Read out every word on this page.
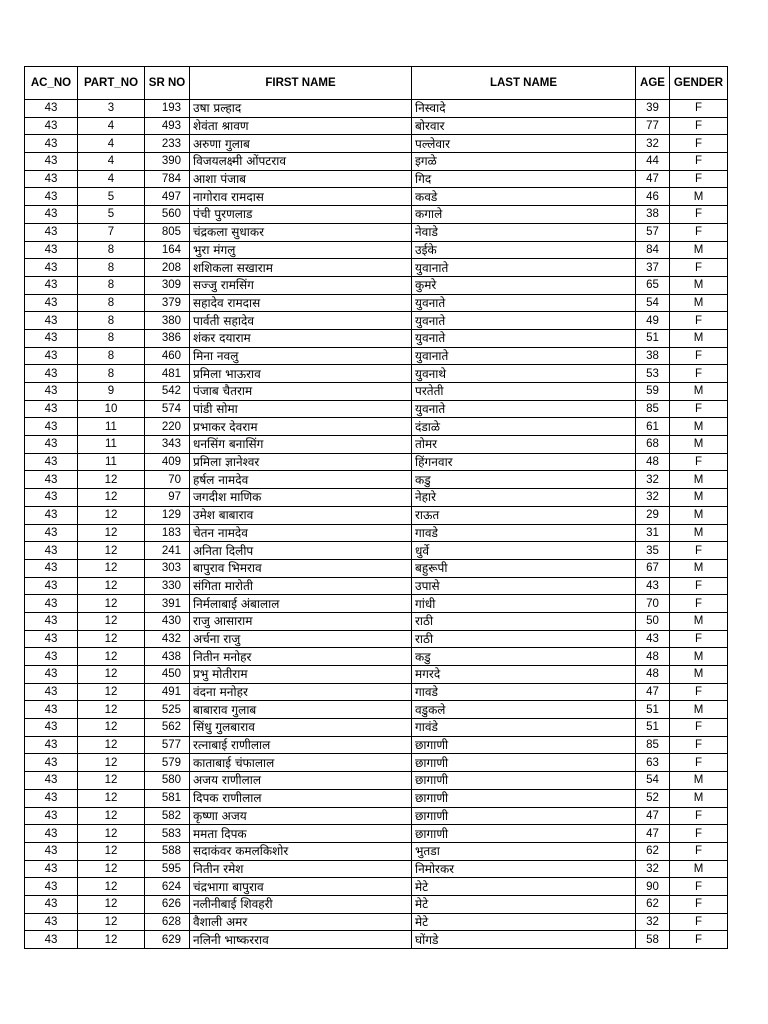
AC_NO	PART_NO	SR NO	FIRST NAME	LAST NAME	AGE	GENDER
43	3	193	उषा प्रल्हाद	निस्वादे	39	F
43	4	493	शेवंता श्रावण	बोरवार	77	F
43	4	233	अरुणा गुलाब	पल्लेवार	32	F
43	4	390	विजयलक्ष्मी ओंपटराव	इगळे	44	F
43	4	784	आशा पंजाब	गिद	47	F
43	5	497	नागोराव रामदास	कवडे	46	M
43	5	560	पंची पुरणलाड	कगाले	38	F
43	7	805	चंद्रकला सुधाकर	नेवाडे	57	F
43	8	164	भुरा मंगलु	उईके	84	M
43	8	208	शशिकला सखाराम	युवानाते	37	F
43	8	309	सज्जु रामसिंग	कुमरे	65	M
43	8	379	सहादेव रामदास	युवनाते	54	M
43	8	380	पार्वती सहादेव	युवनाते	49	F
43	8	386	शंकर दयाराम	युवनाते	51	M
43	8	460	मिना नवलु	युवानाते	38	F
43	8	481	प्रमिला भाऊराव	युवनाथे	53	F
43	9	542	पंजाब चैतराम	परतेती	59	M
43	10	574	पांडी सोमा	युवनाते	85	F
43	11	220	प्रभाकर देवराम	दंडाळे	61	M
43	11	343	धनसिंग बनासिंग	तोमर	68	M
43	11	409	प्रमिला ज्ञानेश्वर	हिंगनवार	48	F
43	12	70	हर्षल नामदेव	कडु	32	M
43	12	97	जगदीश माणिक	नेहारे	32	M
43	12	129	उमेश बाबाराव	राऊत	29	M
43	12	183	चेतन नामदेव	गावडे	31	M
43	12	241	अनिता दिलीप	धुर्वे	35	F
43	12	303	बापुराव भिमराव	बहुरूपी	67	M
43	12	330	संगिता मारोती	उपासे	43	F
43	12	391	निर्मलाबाई अंबालाल	गांधी	70	F
43	12	430	राजु आसाराम	राठी	50	M
43	12	432	अर्चना राजु	राठी	43	F
43	12	438	नितीन मनोहर	कडु	48	M
43	12	450	प्रभु मोतीराम	मगरदे	48	M
43	12	491	वंदना मनोहर	गावडे	47	F
43	12	525	बाबाराव गुलाब	वडुकले	51	M
43	12	562	सिंधु गुलबाराव	गावंडे	51	F
43	12	577	रत्नाबाई राणीलाल	छागाणी	85	F
43	12	579	काताबाई चंफालाल	छागाणी	63	F
43	12	580	अजय राणीलाल	छागाणी	54	M
43	12	581	दिपक राणीलाल	छागाणी	52	M
43	12	582	कृष्णा अजय	छागाणी	47	F
43	12	583	ममता दिपक	छागाणी	47	F
43	12	588	सदाकंवर कमलकिशोर	भुतडा	62	F
43	12	595	नितीन रमेश	निमोरकर	32	M
43	12	624	चंद्रभागा बापुराव	मेटे	90	F
43	12	626	नलीनीबाई शिवहरी	मेटे	62	F
43	12	628	वैशाली अमर	मेटे	32	F
43	12	629	नलिनी भाष्करराव	घोंगडे	58	F
